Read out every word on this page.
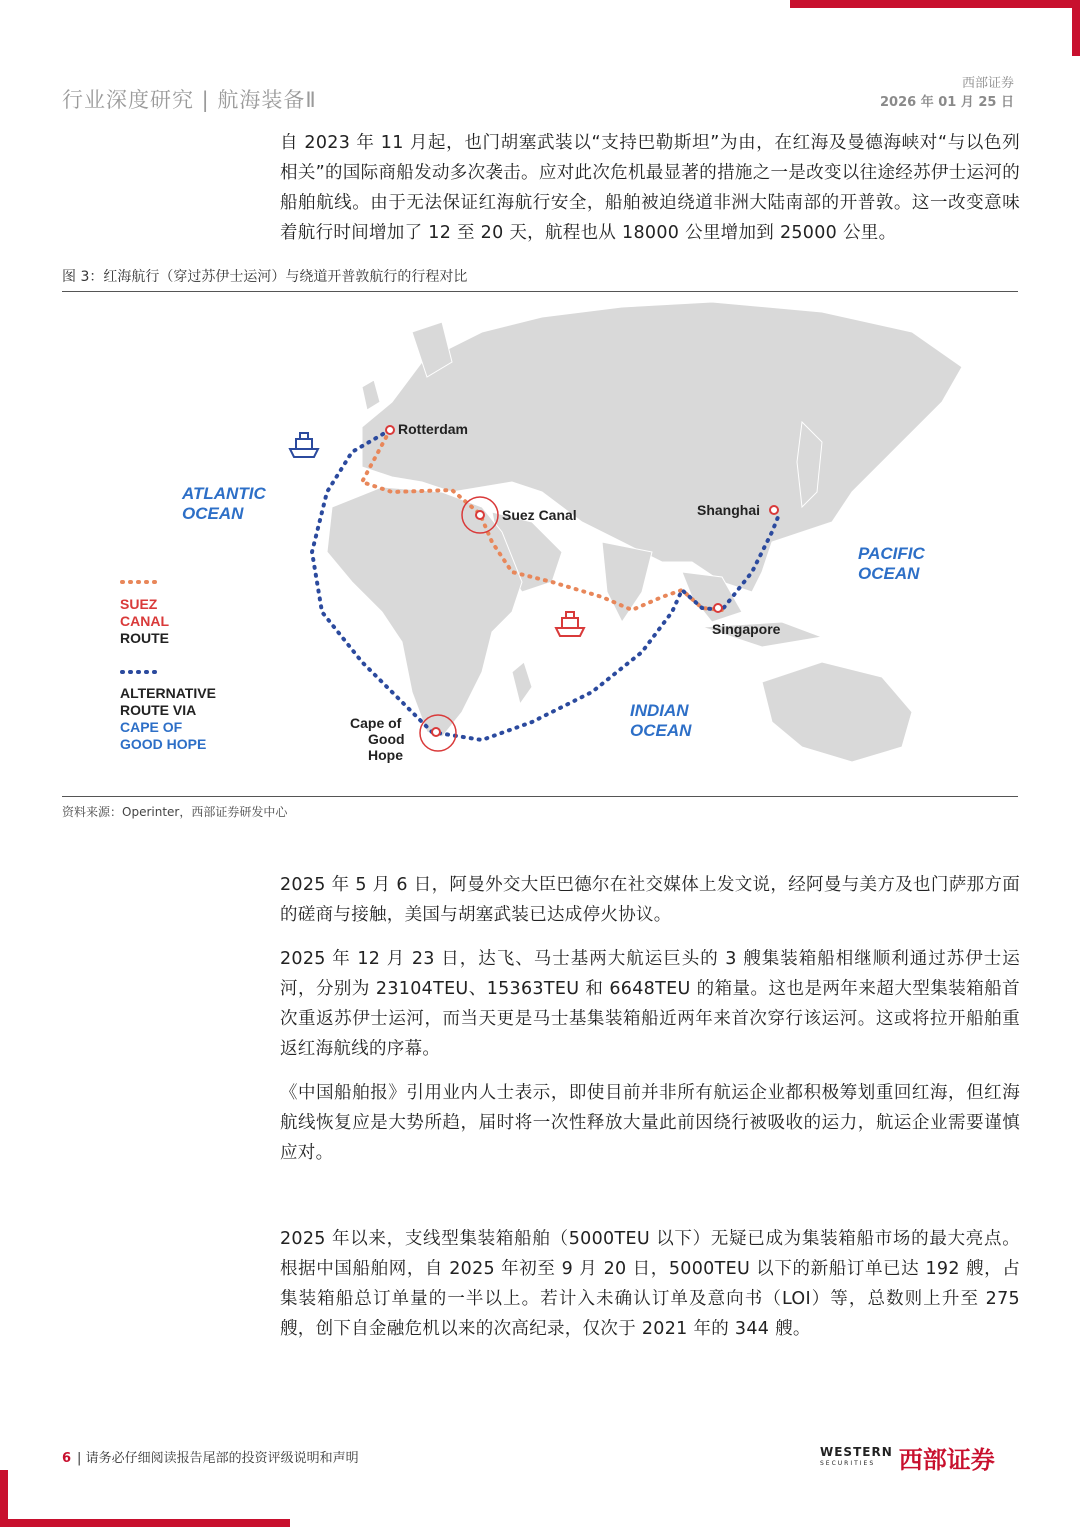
行业深度研究 | 航海装备Ⅱ
西部证券
2026 年 01 月 25 日
自 2023 年 11 月起，也门胡塞武装以“支持巴勒斯坦”为由，在红海及曼德海峡对“与以色列相关”的国际商船发动多次袭击。应对此次危机最显著的措施之一是改变以往途经苏伊士运河的船舶航线。由于无法保证红海航行安全，船舶被迫绕道非洲大陆南部的开普敦。这一改变意味着航行时间增加了 12 至 20 天，航程也从 18000 公里增加到 25000 公里。
图 3：红海航行（穿过苏伊士运河）与绕道开普敦航行的行程对比
Rotterdam
Suez Canal	Shanghai
Singapore
Cape of
Good
Hope
ATLANTIC
OCEAN
PACIFIC
OCEAN
INDIAN
OCEAN
SUEZ
CANAL
ROUTE
ALTERNATIVE
ROUTE VIA
CAPE OF
GOOD HOPE
资料来源：Operinter，西部证券研发中心
2025 年 5 月 6 日，阿曼外交大臣巴德尔在社交媒体上发文说，经阿曼与美方及也门萨那方面的磋商与接触，美国与胡塞武装已达成停火协议。
2025 年 12 月 23 日，达飞、马士基两大航运巨头的 3 艘集装箱船相继顺利通过苏伊士运河，分别为 23104TEU、15363TEU 和 6648TEU 的箱量。这也是两年来超大型集装箱船首次重返苏伊士运河，而当天更是马士基集装箱船近两年来首次穿行该运河。这或将拉开船舶重返红海航线的序幕。
《中国船舶报》引用业内人士表示，即使目前并非所有航运企业都积极筹划重回红海，但红海航线恢复应是大势所趋，届时将一次性释放大量此前因绕行被吸收的运力，航运企业需要谨慎应对。
2025 年以来，支线型集装箱船舶（5000TEU 以下）无疑已成为集装箱船市场的最大亮点。根据中国船舶网，自 2025 年初至 9 月 20 日，5000TEU 以下的新船订单已达 192 艘，占集装箱船总订单量的一半以上。若计入未确认订单及意向书（LOI）等，总数则上升至 275 艘，创下自金融危机以来的次高纪录，仅次于 2021 年的 344 艘。
6 | 请务必仔细阅读报告尾部的投资评级说明和声明	WESTERN
SECURITIES 西部证券
